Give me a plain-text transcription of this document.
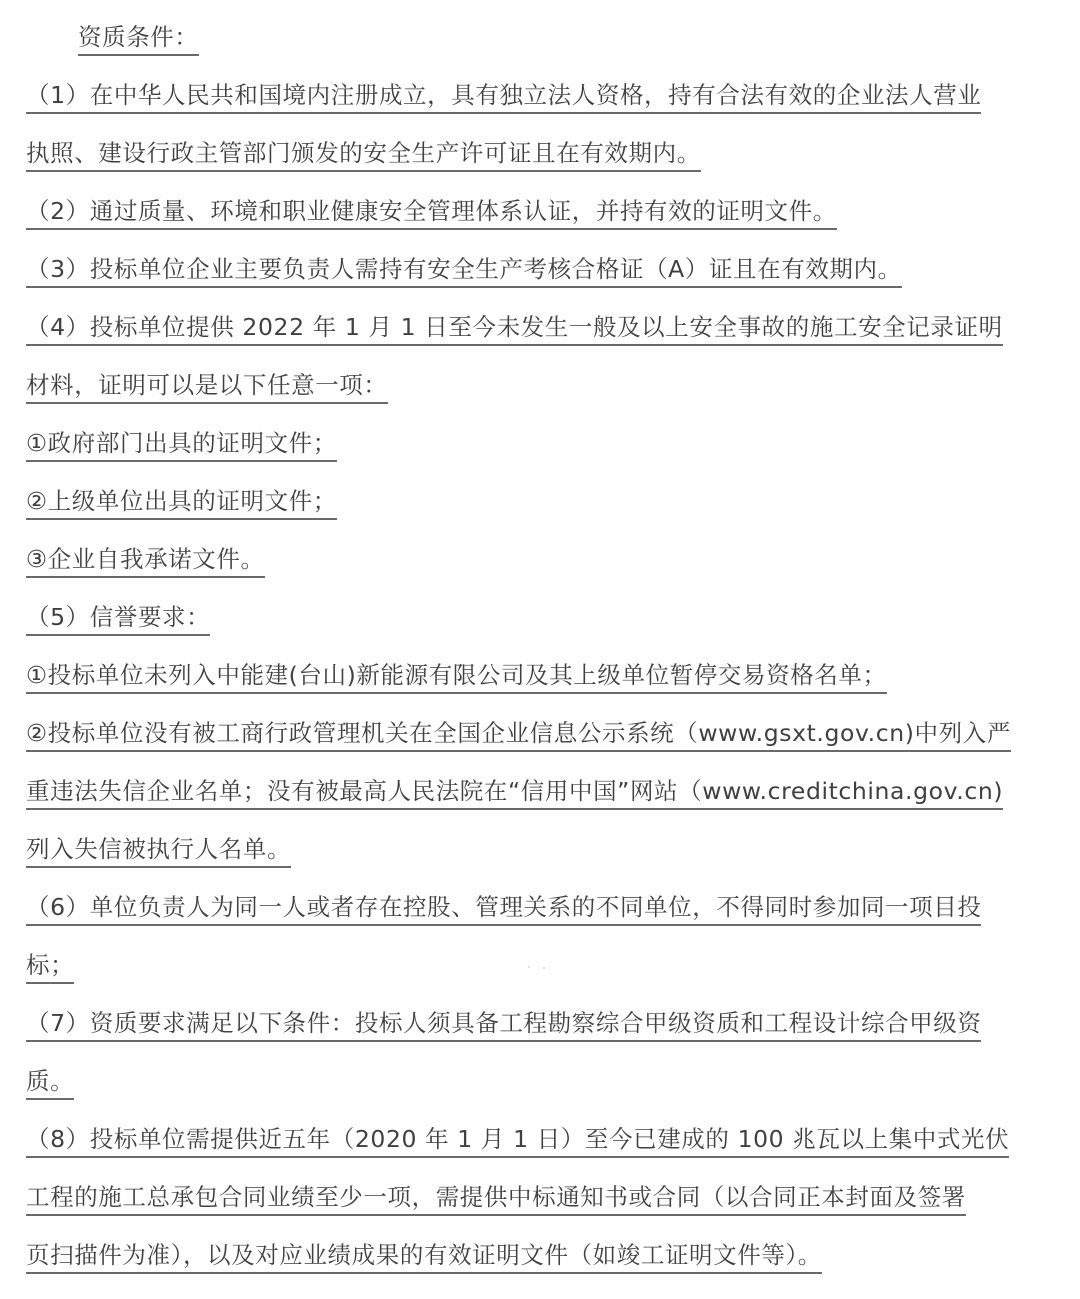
资质条件：
（1）在中华人民共和国境内注册成立，具有独立法人资格，持有合法有效的企业法人营业
执照、建设行政主管部门颁发的安全生产许可证且在有效期内。
（2）通过质量、环境和职业健康安全管理体系认证，并持有效的证明文件。
（3）投标单位企业主要负责人需持有安全生产考核合格证（A）证且在有效期内。
（4）投标单位提供 2022 年 1 月 1 日至今未发生一般及以上安全事故的施工安全记录证明
材料，证明可以是以下任意一项：
①政府部门出具的证明文件；
②上级单位出具的证明文件；
③企业自我承诺文件。
（5）信誉要求：
①投标单位未列入中能建(台山)新能源有限公司及其上级单位暂停交易资格名单；
②投标单位没有被工商行政管理机关在全国企业信息公示系统（www.gsxt.gov.cn)中列入严
重违法失信企业名单；没有被最高人民法院在“信用中国”网站（www.creditchina.gov.cn)
列入失信被执行人名单。
（6）单位负责人为同一人或者存在控股、管理关系的不同单位，不得同时参加同一项目投
标；
（7）资质要求满足以下条件：投标人须具备工程勘察综合甲级资质和工程设计综合甲级资
质。
（8）投标单位需提供近五年（2020 年 1 月 1 日）至今已建成的 100 兆瓦以上集中式光伏
工程的施工总承包合同业绩至少一项，需提供中标通知书或合同（以合同正本封面及签署
页扫描件为准），以及对应业绩成果的有效证明文件（如竣工证明文件等）。
